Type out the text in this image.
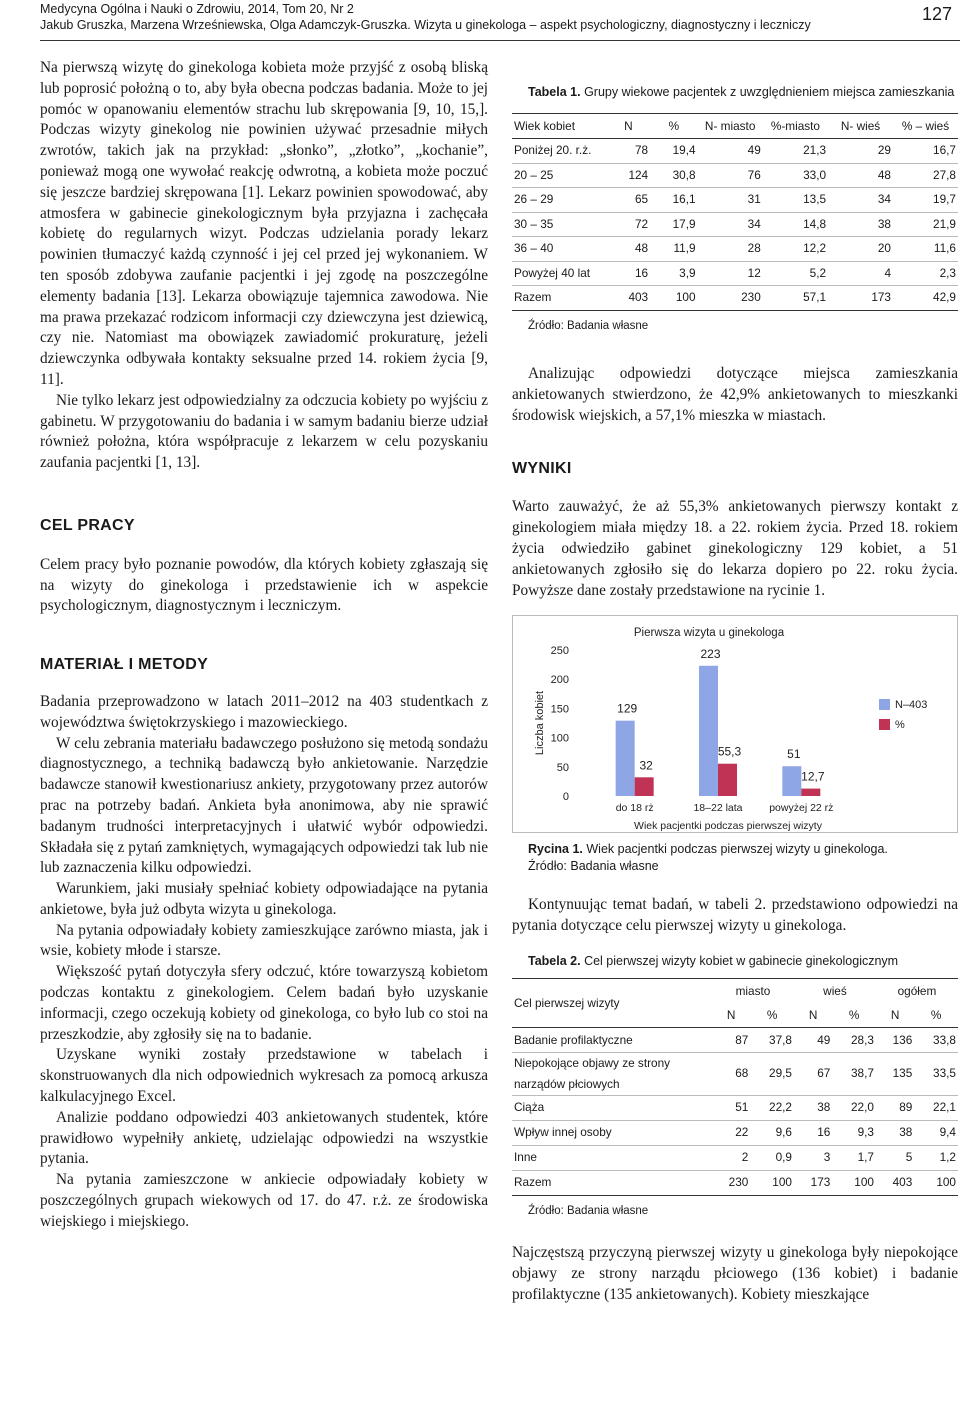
Medycyna Ogólna i Nauki o Zdrowiu, 2014, Tom 20, Nr 2
Jakub Gruszka, Marzena Wrześniewska, Olga Adamczyk-Gruszka. Wizyta u ginekologa – aspekt psychologiczny, diagnostyczny i leczniczy
127

Na pierwszą wizytę do ginekologa kobieta może przyjść z osobą bliską lub poprosić położną o to, aby była obecna podczas badania. Może to jej pomóc w opanowaniu elementów strachu lub skrępowania [9, 10, 15,]. Podczas wizyty ginekolog nie powinien używać przesadnie miłych zwrotów, takich jak na przykład: „słonko”, „złotko”, „kochanie”, ponieważ mogą one wywołać reakcję odwrotną, a kobieta może poczuć się jeszcze bardziej skrępowana [1]. Lekarz powinien spowodować, aby atmosfera w gabinecie ginekologicznym była przyjazna i zachęcała kobietę do regularnych wizyt. Podczas udzielania porady lekarz powinien tłumaczyć każdą czynność i jej cel przed jej wykonaniem. W ten sposób zdobywa zaufanie pacjentki i jej zgodę na poszczególne elementy badania [13]. Lekarza obowiązuje tajemnica zawodowa. Nie ma prawa przekazać rodzicom informacji czy dziewczyna jest dziewicą, czy nie. Natomiast ma obowiązek zawiadomić prokuraturę, jeżeli dziewczynka odbywała kontakty seksualne przed 14. rokiem życia [9, 11].

Nie tylko lekarz jest odpowiedzialny za odczucia kobiety po wyjściu z gabinetu. W przygotowaniu do badania i w samym badaniu bierze udział również położna, która współpracuje z lekarzem w celu pozyskaniu zaufania pacjentki [1, 13].

CEL PRACY

Celem pracy było poznanie powodów, dla których kobiety zgłaszają się na wizyty do ginekologa i przedstawienie ich w aspekcie psychologicznym, diagnostycznym i leczniczym.

MATERIAŁ I METODY

Badania przeprowadzono w latach 2011–2012 na 403 studentkach z województwa świętokrzyskiego i mazowieckiego.

W celu zebrania materiału badawczego posłużono się metodą sondażu diagnostycznego, a techniką badawczą było ankietowanie. Narzędzie badawcze stanowił kwestionariusz ankiety, przygotowany przez autorów prac na potrzeby badań. Ankieta była anonimowa, aby nie sprawić badanym trudności interpretacyjnych i ułatwić wybór odpowiedzi. Składała się z pytań zamkniętych, wymagających odpowiedzi tak lub nie lub zaznaczenia kilku odpowiedzi.

Warunkiem, jaki musiały spełniać kobiety odpowiadające na pytania ankietowe, była już odbyta wizyta u ginekologa.

Na pytania odpowiadały kobiety zamieszkujące zarówno miasta, jak i wsie, kobiety młode i starsze.

Większość pytań dotyczyła sfery odczuć, które towarzyszą kobietom podczas kontaktu z ginekologiem. Celem badań było uzyskanie informacji, czego oczekują kobiety od ginekologa, co było lub co stoi na przeszkodzie, aby zgłosiły się na to badanie.

Uzyskane wyniki zostały przedstawione w tabelach i skonstruowanych dla nich odpowiednich wykresach za pomocą arkusza kalkulacyjnego Excel.

Analizie poddano odpowiedzi 403 ankietowanych studentek, które prawidłowo wypełniły ankietę, udzielając odpowiedzi na wszystkie pytania.

Na pytania zamieszczone w ankiecie odpowiadały kobiety w poszczególnych grupach wiekowych od 17. do 47. r.ż. ze środowiska wiejskiego i miejskiego.

Tabela 1. Grupy wiekowe pacjentek z uwzględnieniem miejsca zamieszkania

Wiek kobiet	N	%	N- miasto	%-miasto	N- wieś	% – wieś
Poniżej 20. r.ż.	78	19,4	49	21,3	29	16,7
20 – 25	124	30,8	76	33,0	48	27,8
26 – 29	65	16,1	31	13,5	34	19,7
30 – 35	72	17,9	34	14,8	38	21,9
36 – 40	48	11,9	28	12,2	20	11,6
Powyżej 40 lat	16	3,9	12	5,2	4	2,3
Razem	403	100	230	57,1	173	42,9

Źródło: Badania własne

Analizując odpowiedzi dotyczące miejsca zamieszkania ankietowanych stwierdzono, że 42,9% ankietowanych to mieszkanki środowisk wiejskich, a 57,1% mieszka w miastach.

WYNIKI

Warto zauważyć, że aż 55,3% ankietowanych pierwszy kontakt z ginekologiem miała między 18. a 22. rokiem życia. Przed 18. rokiem życia odwiedziło gabinet ginekologiczny 129 kobiet, a 51 ankietowanych zgłosiło się do lekarza dopiero po 22. roku życia. Powyższe dane zostały przedstawione na rycinie 1.

Pierwsza wizyta u ginekologa
Liczba kobiet
0
50
100
150
200
250
129
32
do 18 rż
223
55,3
18–22 lata
51
12,7
powyżej 22 rż
Wiek pacjentki podczas pierwszej wizyty
N–403
%

Rycina 1. Wiek pacjentki podczas pierwszej wizyty u ginekologa.

Źródło: Badania własne

Kontynuując temat badań, w tabeli 2. przedstawiono odpowiedzi na pytania dotyczące celu pierwszej wizyty u ginekologa.

Tabela 2. Cel pierwszej wizyty kobiet w gabinecie ginekologicznym

Cel pierwszej wizyty	miasto		wieś		ogółem	
	N	%	N	%	N	%
Badanie profilaktyczne	87	37,8	49	28,3	136	33,8
Niepokojące objawy ze strony narządów płciowych	68	29,5	67	38,7	135	33,5
Ciąża	51	22,2	38	22,0	89	22,1
Wpływ innej osoby	22	9,6	16	9,3	38	9,4
Inne	2	0,9	3	1,7	5	1,2
Razem	230	100	173	100	403	100

Źródło: Badania własne

Najczęstszą przyczyną pierwszej wizyty u ginekologa były niepokojące objawy ze strony narządu płciowego (136 kobiet) i badanie profilaktyczne (135 ankietowanych). Kobiety mieszkające
